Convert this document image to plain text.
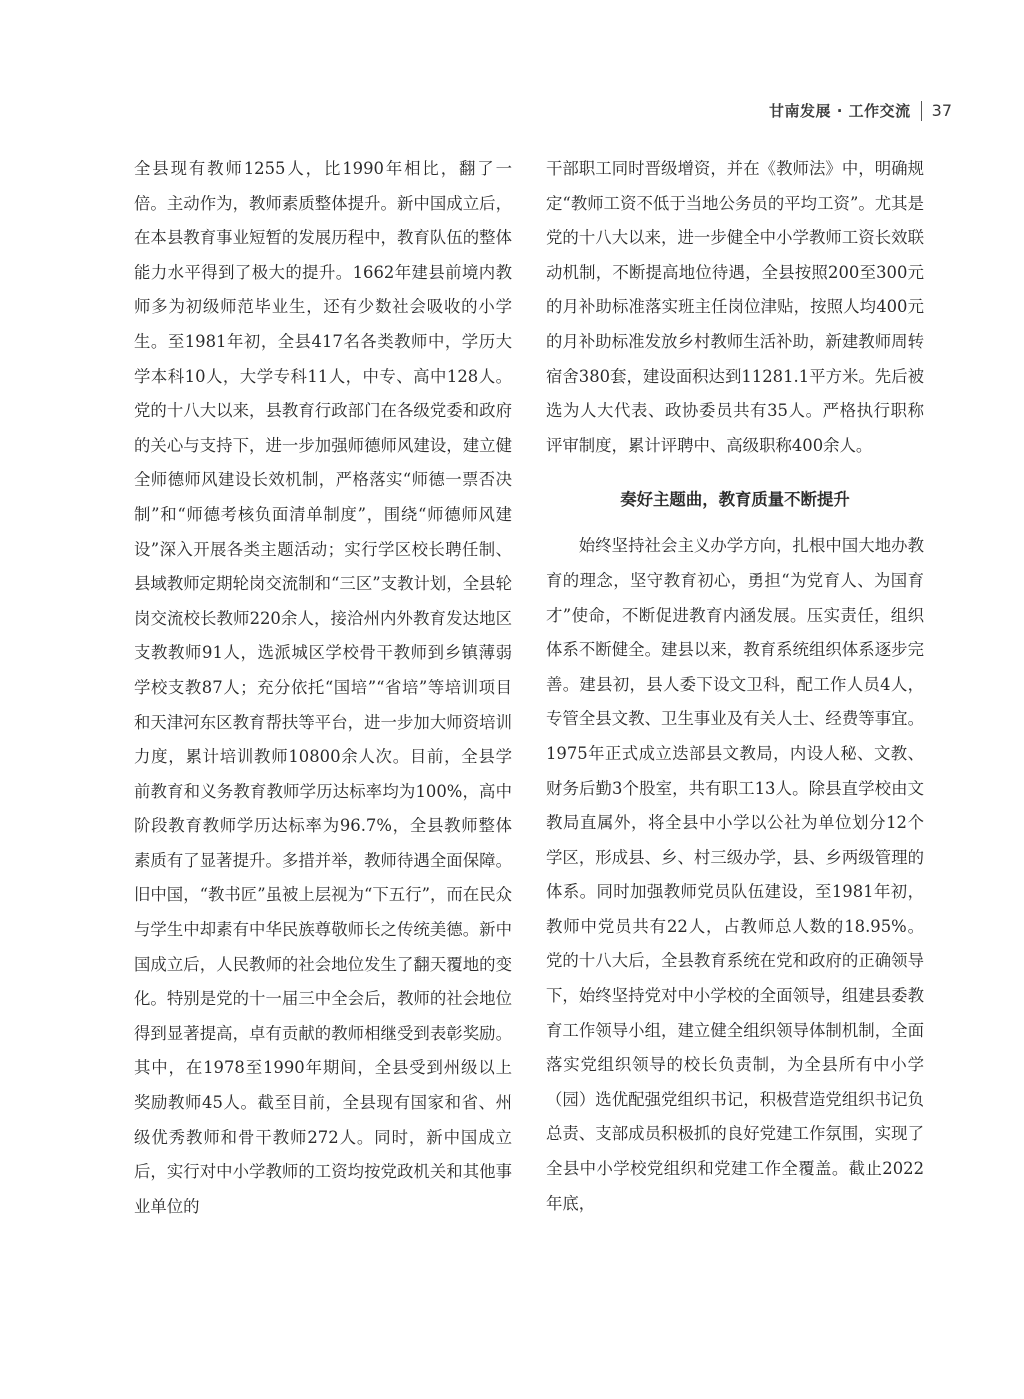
甘南发展 · 工作交流 37

全县现有教师1255人，比1990年相比，翻了一倍。主动作为，教师素质整体提升。新中国成立后，在本县教育事业短暂的发展历程中，教育队伍的整体能力水平得到了极大的提升。1662年建县前境内教师多为初级师范毕业生，还有少数社会吸收的小学生。至1981年初，全县417名各类教师中，学历大学本科10人，大学专科11人，中专、高中128人。党的十八大以来，县教育行政部门在各级党委和政府的关心与支持下，进一步加强师德师风建设，建立健全师德师风建设长效机制，严格落实“师德一票否决制”和“师德考核负面清单制度”，围绕“师德师风建设”深入开展各类主题活动；实行学区校长聘任制、县域教师定期轮岗交流制和“三区”支教计划，全县轮岗交流校长教师220余人，接洽州内外教育发达地区支教教师91人，选派城区学校骨干教师到乡镇薄弱学校支教87人；充分依托“国培”“省培”等培训项目和天津河东区教育帮扶等平台，进一步加大师资培训力度，累计培训教师10800余人次。目前，全县学前教育和义务教育教师学历达标率均为100%，高中阶段教育教师学历达标率为96.7%，全县教师整体素质有了显著提升。多措并举，教师待遇全面保障。旧中国，“教书匠”虽被上层视为“下五行”，而在民众与学生中却素有中华民族尊敬师长之传统美德。新中国成立后，人民教师的社会地位发生了翻天覆地的变化。特别是党的十一届三中全会后，教师的社会地位得到显著提高，卓有贡献的教师相继受到表彰奖励。其中，在1978至1990年期间，全县受到州级以上奖励教师45人。截至目前，全县现有国家和省、州级优秀教师和骨干教师272人。同时，新中国成立后，实行对中小学教师的工资均按党政机关和其他事业单位的

干部职工同时晋级增资，并在《教师法》中，明确规定“教师工资不低于当地公务员的平均工资”。尤其是党的十八大以来，进一步健全中小学教师工资长效联动机制，不断提高地位待遇，全县按照200至300元的月补助标准落实班主任岗位津贴，按照人均400元的月补助标准发放乡村教师生活补助，新建教师周转宿舍380套，建设面积达到11281.1平方米。先后被选为人大代表、政协委员共有35人。严格执行职称评审制度，累计评聘中、高级职称400余人。

奏好主题曲，教育质量不断提升

始终坚持社会主义办学方向，扎根中国大地办教育的理念，坚守教育初心，勇担“为党育人、为国育才”使命，不断促进教育内涵发展。压实责任，组织体系不断健全。建县以来，教育系统组织体系逐步完善。建县初，县人委下设文卫科，配工作人员4人，专管全县文教、卫生事业及有关人士、经费等事宜。1975年正式成立迭部县文教局，内设人秘、文教、财务后勤3个股室，共有职工13人。除县直学校由文教局直属外，将全县中小学以公社为单位划分12个学区，形成县、乡、村三级办学，县、乡两级管理的体系。同时加强教师党员队伍建设，至1981年初，教师中党员共有22人，占教师总人数的18.95%。党的十八大后，全县教育系统在党和政府的正确领导下，始终坚持党对中小学校的全面领导，组建县委教育工作领导小组，建立健全组织领导体制机制，全面落实党组织领导的校长负责制，为全县所有中小学（园）选优配强党组织书记，积极营造党组织书记负总责、支部成员积极抓的良好党建工作氛围，实现了全县中小学校党组织和党建工作全覆盖。截止2022年底，
